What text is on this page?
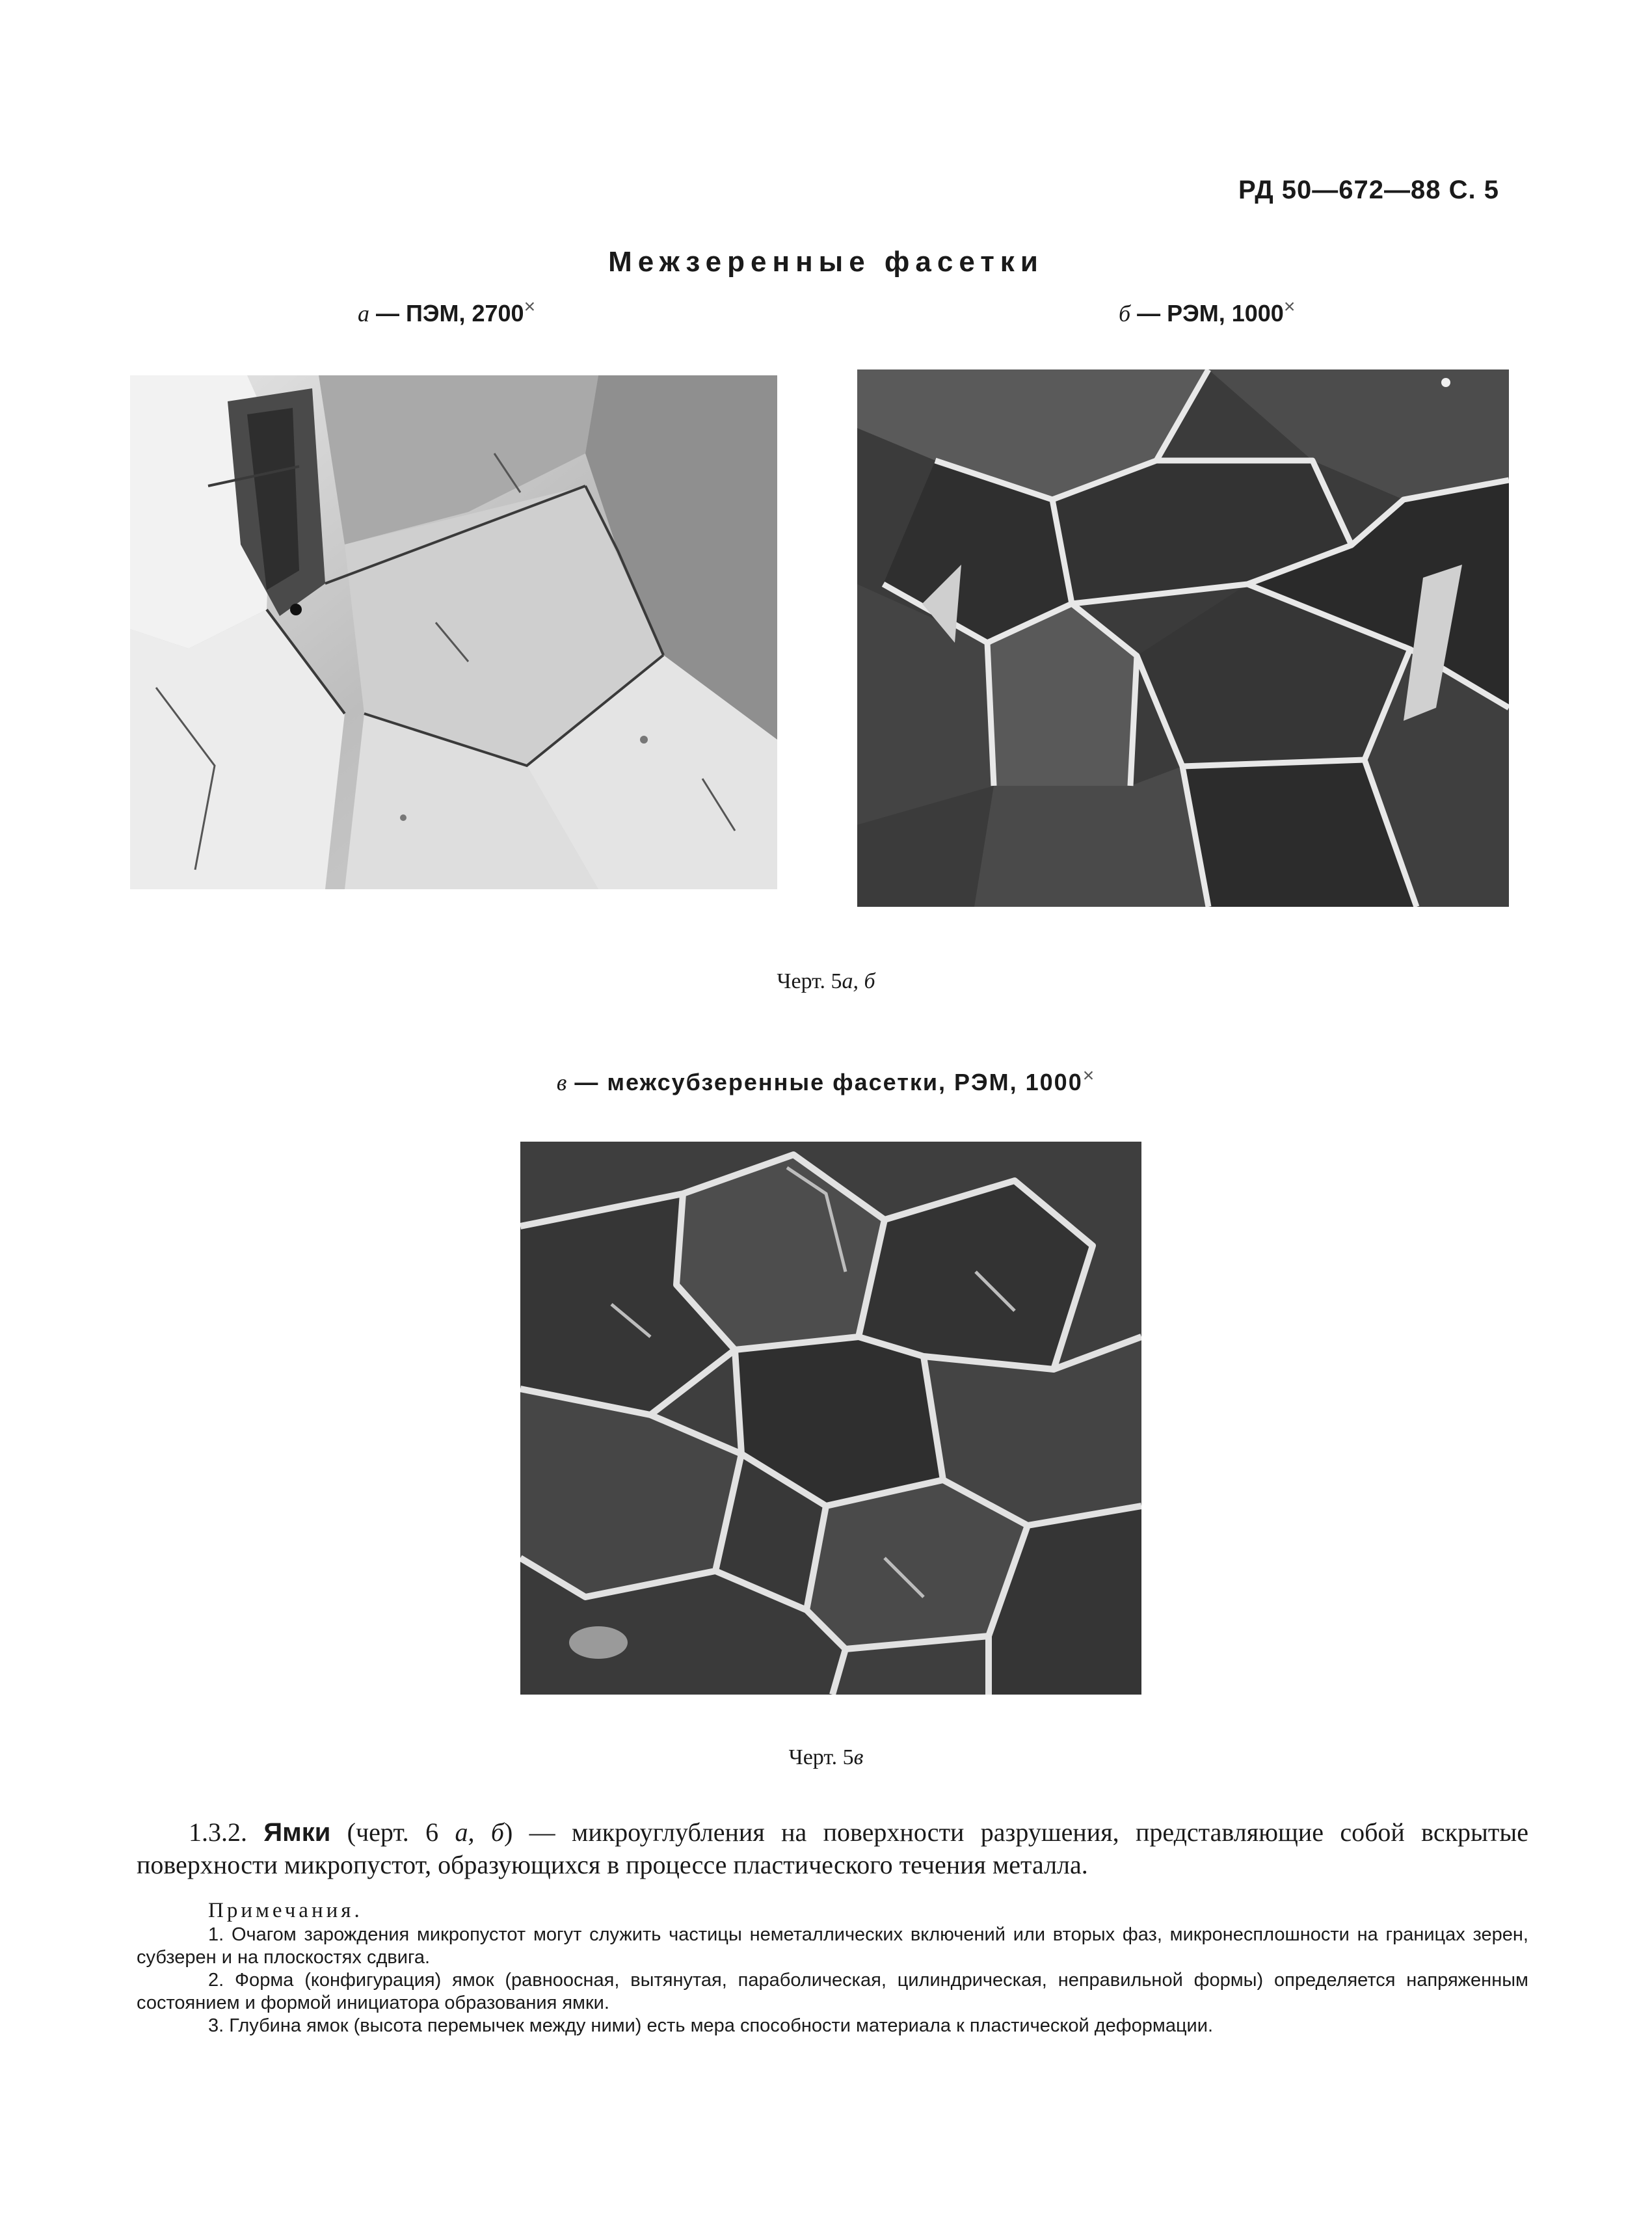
РД 50—672—88 С. 5
Межзеренные фасетки
а — ПЭМ, 2700×	б — РЭМ, 1000×
Черт. 5а, б
в — межсубзеренные фасетки, РЭМ, 1000×
Черт. 5в
1.3.2. Ямки (черт. 6 а, б) — микроуглубления на поверхности разрушения, представляющие собой вскрытые поверхности микропустот, образующихся в процессе пластического течения металла.
Примечания.
1. Очагом зарождения микропустот могут служить частицы неметаллических включений или вторых фаз, микронесплошности на границах зерен, субзерен и на плоскостях сдвига.
2. Форма (конфигурация) ямок (равноосная, вытянутая, параболическая, цилиндрическая, неправильной формы) определяется напряженным состоянием и формой инициатора образования ямки.
3. Глубина ямок (высота перемычек между ними) есть мера способности материала к пластической деформации.
